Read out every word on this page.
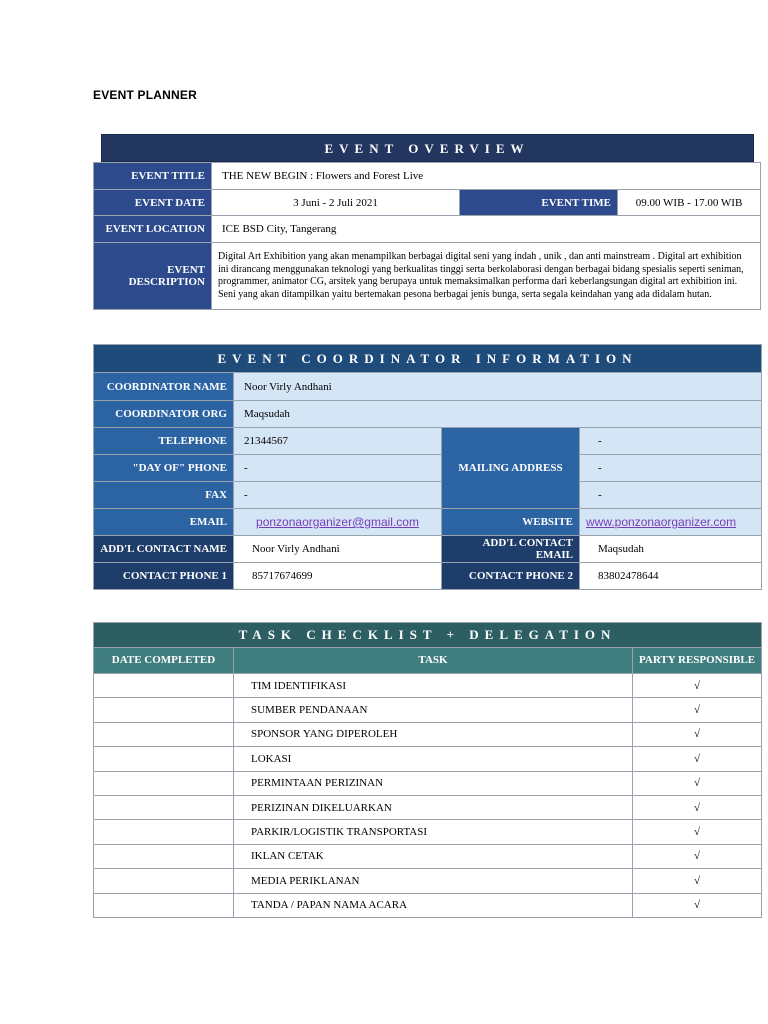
EVENT PLANNER
EVENT OVERVIEW			

EVENT TITLE	THE NEW BEGIN : Flowers and Forest Live		
EVENT DATE	3 Juni - 2 Juli 2021	EVENT TIME	09.00 WIB - 17.00 WIB
EVENT LOCATION	ICE BSD City, Tangerang		
EVENT DESCRIPTION	Digital Art Exhibition yang akan menampilkan berbagai digital seni yang indah , unik , dan anti mainstream . Digital art exhibition ini dirancang menggunakan teknologi yang berkualitas tinggi serta berkolaborasi dengan berbagai bidang spesialis seperti seniman, programmer, animator CG, arsitek yang berupaya untuk memaksimalkan performa dari keberlangsungan digital art exhibition ini. Seni yang akan ditampilkan yaitu bertemakan pesona berbagai jenis bunga, serta segala keindahan yang ada didalam hutan.		
EVENT COORDINATOR INFORMATION			
COORDINATOR NAME	Noor Virly Andhani		
COORDINATOR ORG	Maqsudah		
TELEPHONE	21344567	MAILING ADDRESS	-
"DAY OF" PHONE	-		-
FAX	-		-
EMAIL	ponzonaorganizer@gmail.com	WEBSITE	www.ponzonaorganizer.com
ADD'L CONTACT NAME	Noor Virly Andhani	ADD'L CONTACT EMAIL	Maqsudah
CONTACT PHONE 1	85717674699	CONTACT PHONE 2	83802478644
TASK CHECKLIST + DELEGATION		
DATE COMPLETED	TASK	PARTY RESPONSIBLE
	TIM IDENTIFIKASI	√
	SUMBER PENDANAAN	√
	SPONSOR YANG DIPEROLEH	√
	LOKASI	√
	PERMINTAAN PERIZINAN	√
	PERIZINAN DIKELUARKAN	√
	PARKIR/LOGISTIK TRANSPORTASI	√
	IKLAN CETAK	√
	MEDIA PERIKLANAN	√
	TANDA / PAPAN NAMA ACARA	√
